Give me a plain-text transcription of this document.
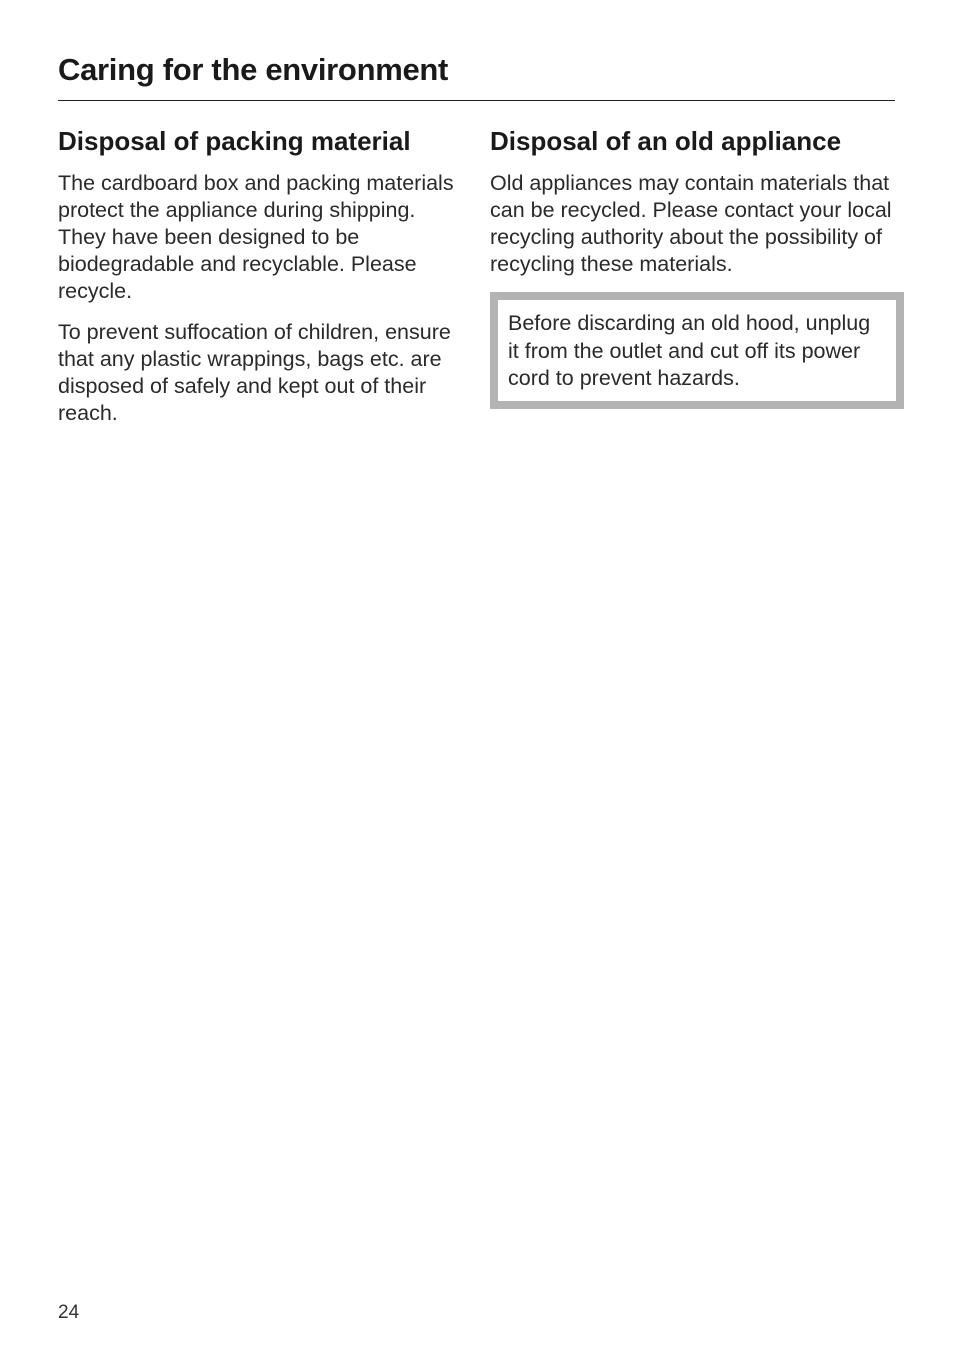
Caring for the environment
Disposal of packing material

The cardboard box and packing materials protect the appliance during shipping. They have been designed to be biodegradable and recyclable. Please recycle.

To prevent suffocation of children, ensure that any plastic wrappings, bags etc. are disposed of safely and kept out of their reach.

Disposal of an old appliance

Old appliances may contain materials that can be recycled. Please contact your local recycling authority about the possibility of recycling these materials.

Before discarding an old hood, unplug it from the outlet and cut off its power cord to prevent hazards.

24
